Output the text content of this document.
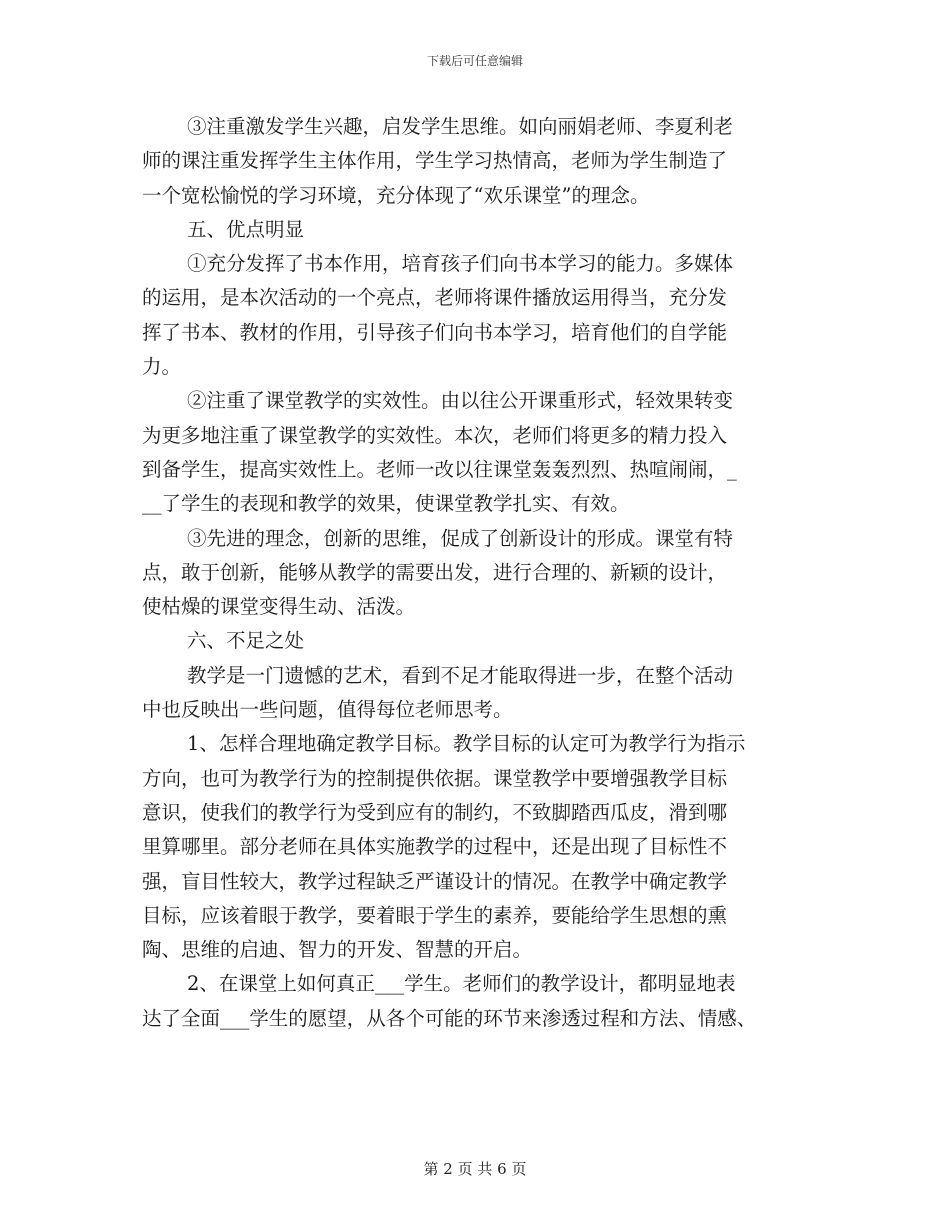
下载后可任意编辑
③注重激发学生兴趣，启发学生思维。如向丽娟老师、李夏利老
师的课注重发挥学生主体作用，学生学习热情高，老师为学生制造了
一个宽松愉悦的学习环境，充分体现了“欢乐课堂”的理念。
五、优点明显
①充分发挥了书本作用，培育孩子们向书本学习的能力。多媒体
的运用，是本次活动的一个亮点，老师将课件播放运用得当，充分发
挥了书本、教材的作用，引导孩子们向书本学习，培育他们的自学能
力。
②注重了课堂教学的实效性。由以往公开课重形式，轻效果转变
为更多地注重了课堂教学的实效性。本次，老师们将更多的精力投入
到备学生，提高实效性上。老师一改以往课堂轰轰烈烈、热喧闹闹，_
__了学生的表现和教学的效果，使课堂教学扎实、有效。
③先进的理念，创新的思维，促成了创新设计的形成。课堂有特
点，敢于创新，能够从教学的需要出发，进行合理的、新颖的设计，
使枯燥的课堂变得生动、活泼。
六、不足之处
教学是一门遗憾的艺术，看到不足才能取得进一步，在整个活动
中也反映出一些问题，值得每位老师思考。
1、怎样合理地确定教学目标。教学目标的认定可为教学行为指示
方向，也可为教学行为的控制提供依据。课堂教学中要增强教学目标
意识，使我们的教学行为受到应有的制约，不致脚踏西瓜皮，滑到哪
里算哪里。部分老师在具体实施教学的过程中，还是出现了目标性不
强，盲目性较大，教学过程缺乏严谨设计的情况。在教学中确定教学
目标，应该着眼于教学，要着眼于学生的素养，要能给学生思想的熏
陶、思维的启迪、智力的开发、智慧的开启。
2、在课堂上如何真正___学生。老师们的教学设计，都明显地表
达了全面___学生的愿望，从各个可能的环节来渗透过程和方法、情感、
第 2 页 共 6 页
